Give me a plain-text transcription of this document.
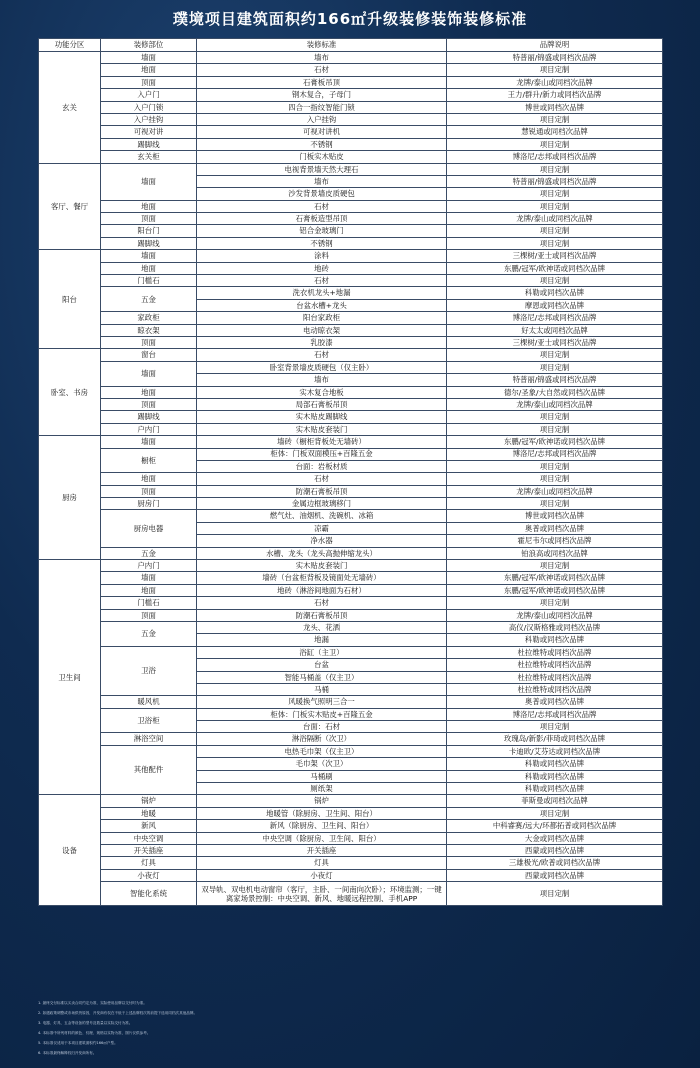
璞境项目建筑面积约166㎡升级装修装饰装修标准
功能分区	装修部位	装修标准	品牌说明
玄关	墙面	墙布	特普丽/锦盛或同档次品牌
	地面	石材	项目定制
	顶面	石膏板吊顶	龙牌/泰山或同档次品牌
	入户门	钢木复合，子母门	王力/群升/新力或同档次品牌
	入户门锁	四合一指纹智能门锁	博世或同档次品牌
	入户挂钩	入户挂钩	项目定制
	可视对讲	可视对讲机	慧锐通或同档次品牌
	踢脚线	不锈钢	项目定制
	玄关柜	门板实木贴皮	博洛尼/志邦或同档次品牌
客厅、餐厅	墙面	电视背景墙天然大理石	项目定制
		墙布	特普丽/锦盛或同档次品牌
		沙发背景墙皮质硬包	项目定制
	地面	石材	项目定制
	顶面	石膏板造型吊顶	龙牌/泰山或同档次品牌
	阳台门	铝合金玻璃门	项目定制
	踢脚线	不锈钢	项目定制
阳台	墙面	涂料	三棵树/亚士或同档次品牌
	地面	地砖	东鹏/冠军/欧神诺或同档次品牌
	门槛石	石材	项目定制
	五金	洗衣机龙头+地漏	科勒或同档次品牌
		台盆水槽+龙头	摩恩或同档次品牌
	家政柜	阳台家政柜	博洛尼/志邦或同档次品牌
	晾衣架	电动晾衣架	好太太或同档次品牌
	顶面	乳胶漆	三棵树/亚士或同档次品牌
卧室、书房	窗台	石材	项目定制
	墙面	卧室背景墙皮质硬包（仅主卧）	项目定制
		墙布	特普丽/锦盛或同档次品牌
	地面	实木复合地板	德尔/圣象/大自然或同档次品牌
	顶面	局部石膏板吊顶	龙牌/泰山或同档次品牌
	踢脚线	实木贴皮踢脚线	项目定制
	户内门	实木贴皮套装门	项目定制
厨房	墙面	墙砖（橱柜背板处无墙砖）	东鹏/冠军/欧神诺或同档次品牌
	橱柜	柜体：门板双面模压+百隆五金	博洛尼/志邦或同档次品牌
		台面：岩板材质	项目定制
	地面	石材	项目定制
	顶面	防潮石膏板吊顶	龙牌/泰山或同档次品牌
	厨房门	金属边框玻璃移门	项目定制
	厨房电器	燃气灶、油烟机、洗碗机、冰箱	博世或同档次品牌
		凉霸	奥普或同档次品牌
		净水器	霍尼韦尔或同档次品牌
	五金	水槽、龙头（龙头高抛伸缩龙头）	铂浪高或同档次品牌
卫生间	户内门	实木贴皮套装门	项目定制
	墙面	墙砖（台盆柜背板及镜面处无墙砖）	东鹏/冠军/欧神诺或同档次品牌
	地面	地砖（淋浴间地面为石材）	东鹏/冠军/欧神诺或同档次品牌
	门槛石	石材	项目定制
	顶面	防潮石膏板吊顶	龙牌/泰山或同档次品牌
	五金	龙头、花洒	高仪/汉斯格雅或同档次品牌
		地漏	科勒或同档次品牌
	卫浴	浴缸（主卫）	杜拉维特或同档次品牌
		台盆	杜拉维特或同档次品牌
		智能马桶盖（仅主卫）	杜拉维特或同档次品牌
		马桶	杜拉维特或同档次品牌
	暖风机	风暖换气照明三合一	奥普或同档次品牌
	卫浴柜	柜体：门板实木贴皮+百隆五金	博洛尼/志邦或同档次品牌
		台面：石材	项目定制
	淋浴空间	淋浴隔断（次卫）	玫瑰岛/新影/菲琦或同档次品牌
	其他配件	电热毛巾架（仅主卫）	卡迪欧/艾芬达或同档次品牌
		毛巾架（次卫）	科勒或同档次品牌
		马桶刷	科勒或同档次品牌
		厕纸架	科勒或同档次品牌
设备	锅炉	锅炉	菲斯曼或同档次品牌
	地暖	地暖管（除厨房、卫生间、阳台）	项目定制
	新风	新风（除厨房、卫生间、阳台）	中科睿赛/远大/环都拓普或同档次品牌
	中央空调	中央空调（除厨房、卫生间、阳台）	大金或同档次品牌
	开关插座	开关插座	西蒙或同档次品牌
	灯具	灯具	三雄极光/欧普或同档次品牌
	小夜灯	小夜灯	西蒙或同档次品牌
	智能化系统	双导轨、双电机电动窗帘（客厅，主卧、一间南向次卧）；环境监测；一键离家场景控制：中央空调、新风、地暖远程控制、手机APP	项目定制
1. 最终交付标准以买卖合同约定为准，实际使用品牌以交付时为准。
2. 如遇政策调整或市场供货原因，开发商有权在不低于上述品牌档次的前提下选用同档次其他品牌。
3. 电器、灯具、五金等设备的型号及数量以实际交付为准。
4. 本标准中所列材料的颜色、纹理、规格以实物为准，图片仅供参考。
5. 本标准仅适用于本项目建筑面积约166㎡户型。
6. 本标准最终解释权归开发商所有。
